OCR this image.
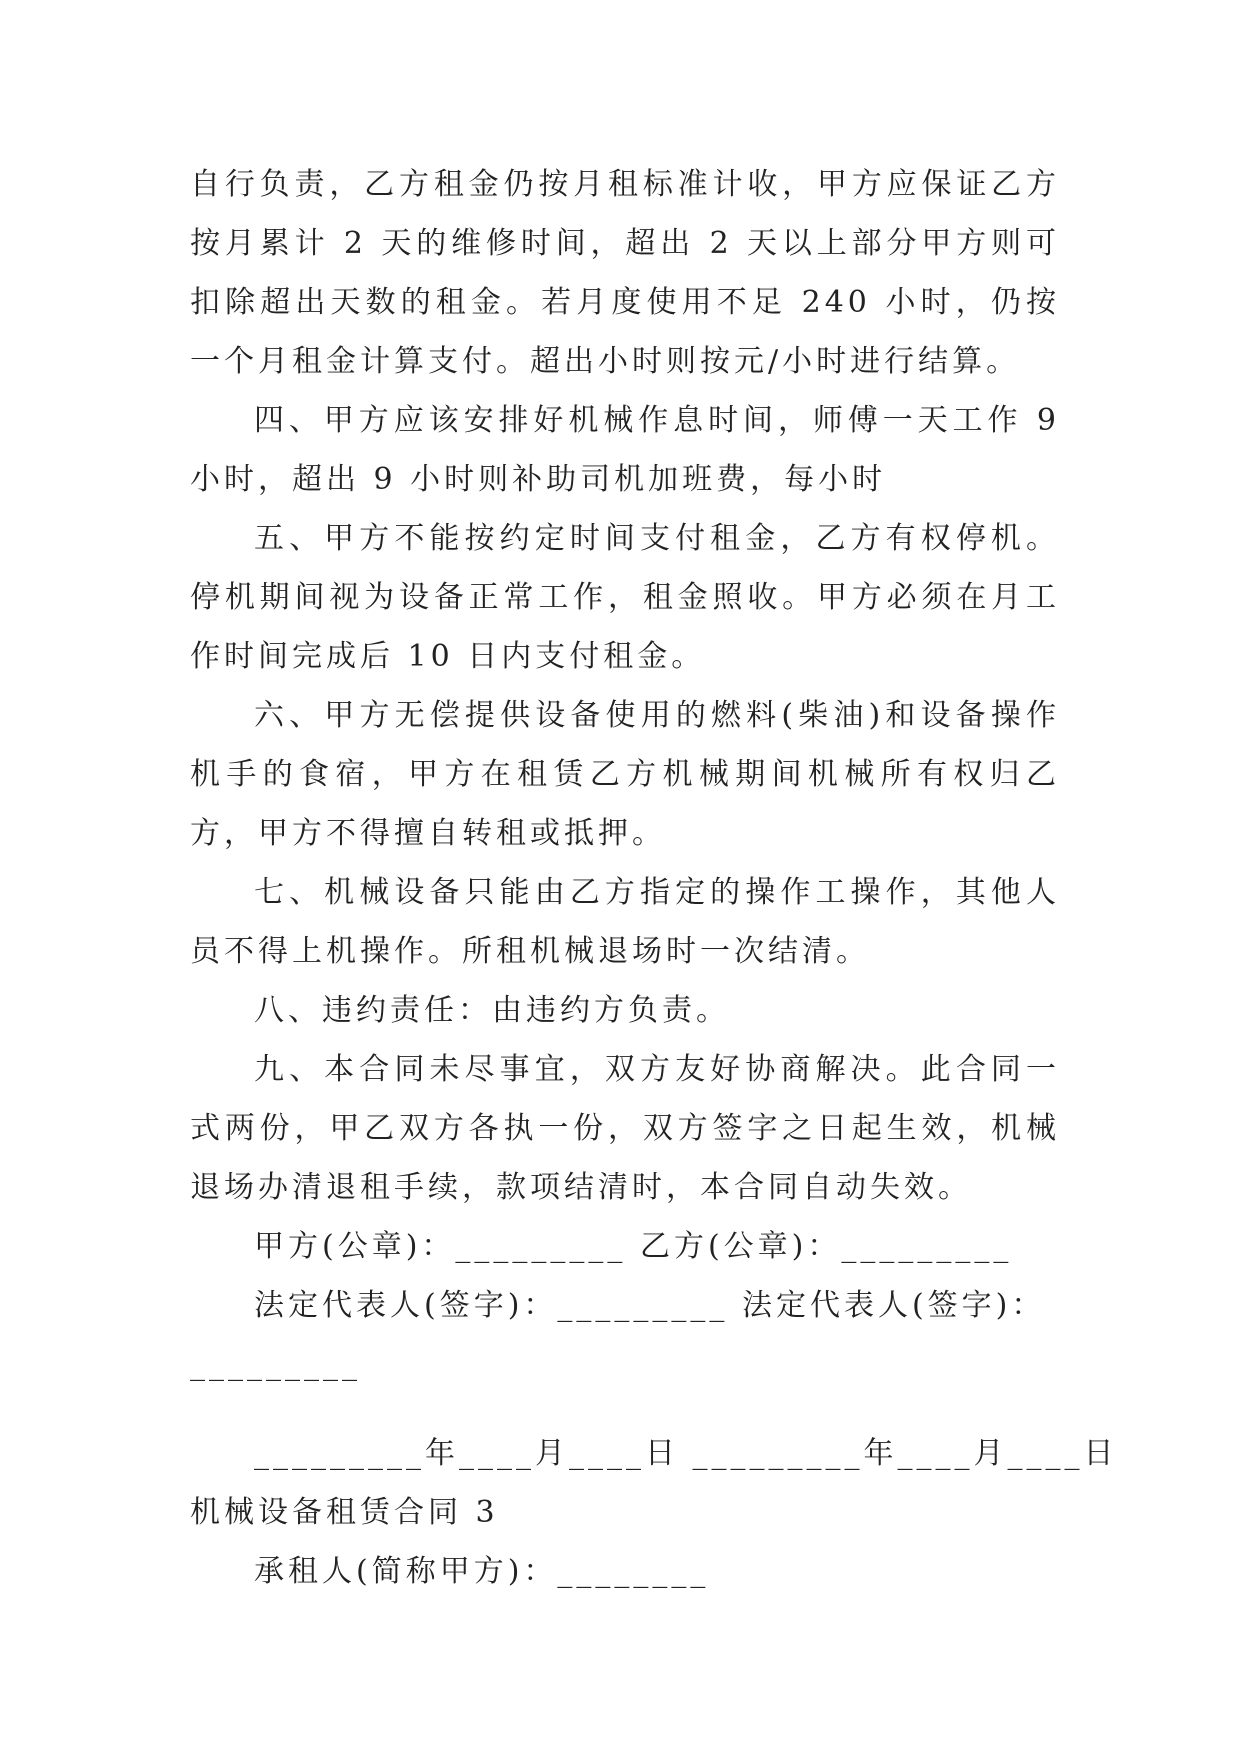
自行负责，乙方租金仍按月租标准计收，甲方应保证乙方按月累计 2 天的维修时间，超出 2 天以上部分甲方则可扣除超出天数的租金。若月度使用不足 240 小时，仍按一个月租金计算支付。超出小时则按元/小时进行结算。

四、甲方应该安排好机械作息时间，师傅一天工作 9 小时，超出 9 小时则补助司机加班费，每小时

五、甲方不能按约定时间支付租金，乙方有权停机。停机期间视为设备正常工作，租金照收。甲方必须在月工作时间完成后 10 日内支付租金。

六、甲方无偿提供设备使用的燃料(柴油)和设备操作机手的食宿，甲方在租赁乙方机械期间机械所有权归乙方，甲方不得擅自转租或抵押。

七、机械设备只能由乙方指定的操作工操作，其他人员不得上机操作。所租机械退场时一次结清。

八、违约责任：由违约方负责。

九、本合同未尽事宜，双方友好协商解决。此合同一式两份，甲乙双方各执一份，双方签字之日起生效，机械退场办清退租手续，款项结清时，本合同自动失效。

甲方(公章)：_________ 乙方(公章)：_________

法定代表人(签字)：_________ 法定代表人(签字)：

_________

_________年____月____日 _________年____月____日

机械设备租赁合同 3

承租人(简称甲方)：________
